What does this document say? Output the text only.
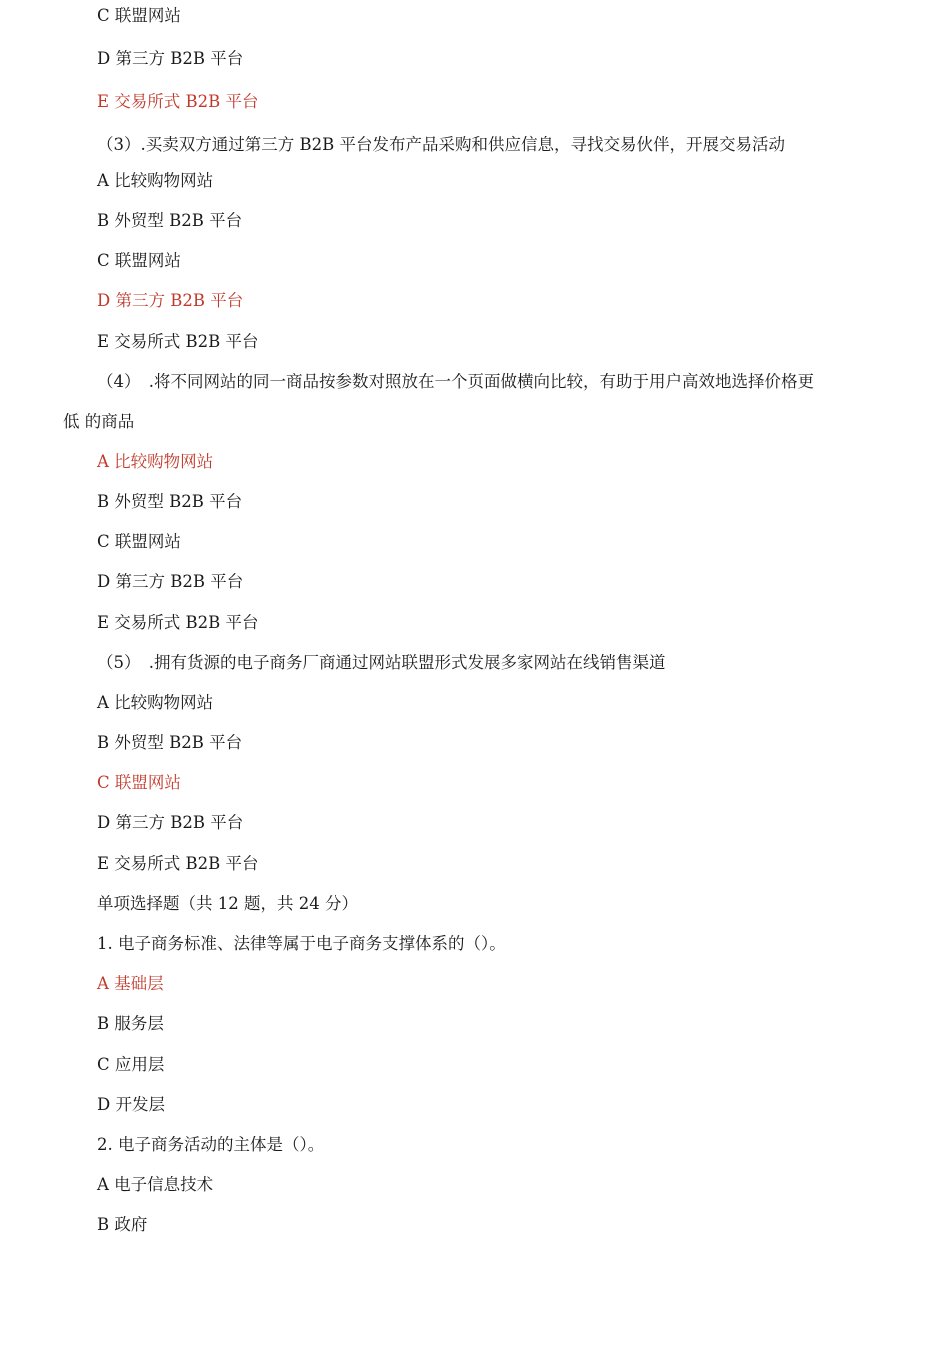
C 联盟网站
D 第三方 B2B 平台
E 交易所式 B2B 平台
（3）.买卖双方通过第三方 B2B 平台发布产品采购和供应信息，寻找交易伙伴，开展交易活动
A 比较购物网站
B 外贸型 B2B 平台
C 联盟网站
D 第三方 B2B 平台
E 交易所式 B2B 平台
（4）　.将不同网站的同一商品按参数对照放在一个页面做横向比较，有助于用户高效地选择价格更
低 的商品
A 比较购物网站
B 外贸型 B2B 平台
C 联盟网站
D 第三方 B2B 平台
E 交易所式 B2B 平台
（5）　.拥有货源的电子商务厂商通过网站联盟形式发展多家网站在线销售渠道
A 比较购物网站
B 外贸型 B2B 平台
C 联盟网站
D 第三方 B2B 平台
E 交易所式 B2B 平台
单项选择题（共 12 题，共 24 分）
1. 电子商务标准、法律等属于电子商务支撑体系的（）。
A 基础层
B 服务层
C 应用层
D 开发层
2. 电子商务活动的主体是（）。
A 电子信息技术
B 政府
